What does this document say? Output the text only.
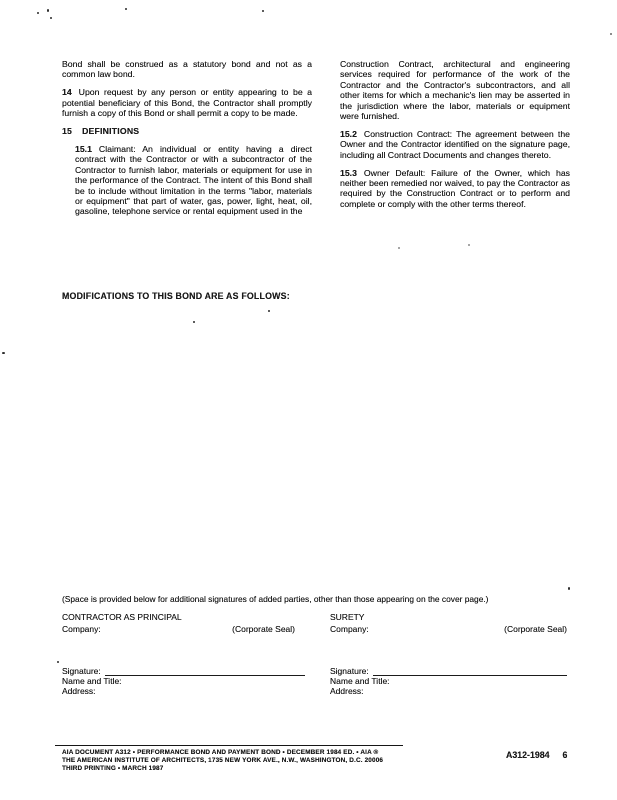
Bond shall be construed as a statutory bond and not as a common law bond.

14 Upon request by any person or entity appearing to be a potential beneficiary of this Bond, the Contractor shall promptly furnish a copy of this Bond or shall permit a copy to be made.

15 DEFINITIONS

15.1 Claimant: An individual or entity having a direct contract with the Contractor or with a subcontractor of the Contractor to furnish labor, materials or equipment for use in the performance of the Contract. The intent of this Bond shall be to include without limitation in the terms "labor, materials or equipment" that part of water, gas, power, light, heat, oil, gasoline, telephone service or rental equipment used in the

Construction Contract, architectural and engineering services required for performance of the work of the Contractor and the Contractor's subcontractors, and all other items for which a mechanic's lien may be asserted in the jurisdiction where the labor, materials or equipment were furnished.

15.2 Construction Contract: The agreement between the Owner and the Contractor identified on the signature page, including all Contract Documents and changes thereto.

15.3 Owner Default: Failure of the Owner, which has neither been remedied nor waived, to pay the Contractor as required by the Construction Contract or to perform and complete or comply with the other terms thereof.

MODIFICATIONS TO THIS BOND ARE AS FOLLOWS:
(Space is provided below for additional signatures of added parties, other than those appearing on the cover page.)
CONTRACTOR AS PRINCIPAL
Company:	(Corporate Seal)
SURETY
Company:	(Corporate Seal)
Signature:
Name and Title:
Address:
Signature:
Name and Title:
Address:
AIA DOCUMENT A312 • PERFORMANCE BOND AND PAYMENT BOND • DECEMBER 1984 ED. • AIA ®
THE AMERICAN INSTITUTE OF ARCHITECTS, 1735 NEW YORK AVE., N.W., WASHINGTON, D.C. 20006
THIRD PRINTING • MARCH 1987
A312-1984 6
